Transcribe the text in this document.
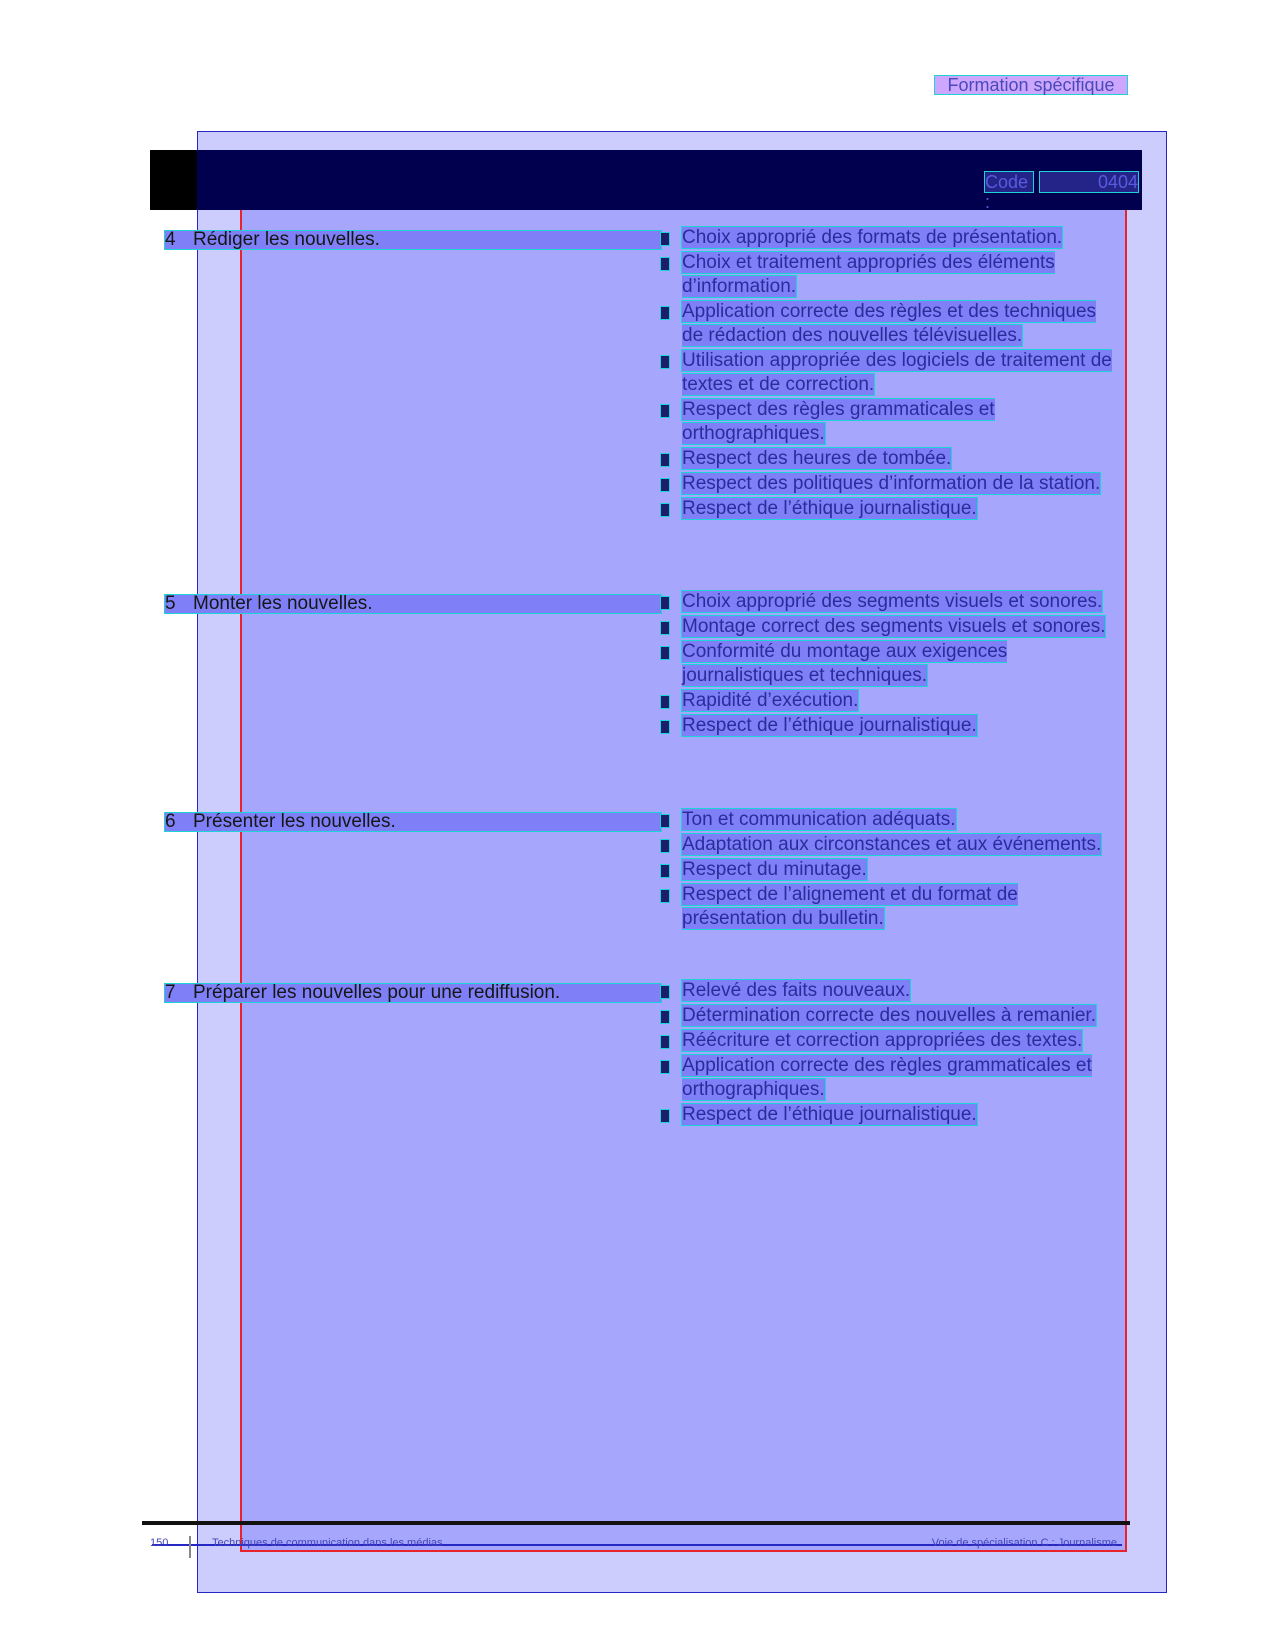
Formation spécifique
Code :
0404
4 Rédiger les nouvelles.	Choix approprié des formats de présentation.
Choix et traitement appropriés des éléments d’information.
Application correcte des règles et des techniques de rédaction des nouvelles télévisuelles.
Utilisation appropriée des logiciels de traitement de textes et de correction.
Respect des règles grammaticales et orthographiques.
Respect des heures de tombée.
Respect des politiques d’information de la station.
Respect de l’éthique journalistique.
5 Monter les nouvelles.	Choix approprié des segments visuels et sonores.
Montage correct des segments visuels et sonores.
Conformité du montage aux exigences journalistiques et techniques.
Rapidité d’exécution.
Respect de l’éthique journalistique.
6 Présenter les nouvelles.	Ton et communication adéquats.
Adaptation aux circonstances et aux événements.
Respect du minutage.
Respect de l’alignement et du format de présentation du bulletin.
7 Préparer les nouvelles pour une rediffusion.	Relevé des faits nouveaux.
Détermination correcte des nouvelles à remanier.
Réécriture et correction appropriées des textes.
Application correcte des règles grammaticales et orthographiques.
Respect de l’éthique journalistique.
150	Techniques de communication dans les médias	Voie de spécialisation C : Journalisme
